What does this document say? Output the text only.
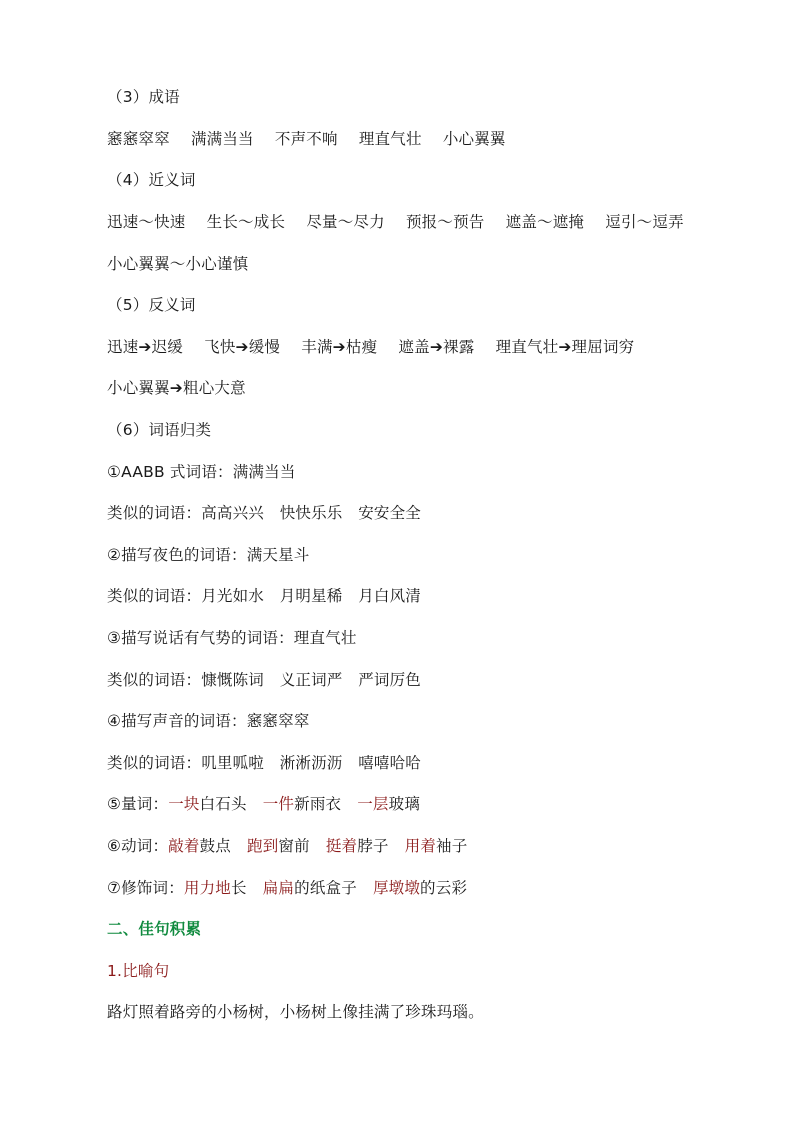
（3）成语
窸窸窣窣 满满当当 不声不响 理直气壮 小心翼翼
（4）近义词
迅速～快速 生长～成长 尽量～尽力 预报～预告 遮盖～遮掩 逗引～逗弄
小心翼翼～小心谨慎
（5）反义词
迅速➔迟缓 飞快➔缓慢 丰满➔枯瘦 遮盖➔裸露 理直气壮➔理屈词穷
小心翼翼➔粗心大意
（6）词语归类
①AABB 式词语：满满当当
类似的词语：高高兴兴　快快乐乐　安安全全
②描写夜色的词语：满天星斗
类似的词语：月光如水　月明星稀　月白风清
③描写说话有气势的词语：理直气壮
类似的词语：慷慨陈词　义正词严　严词厉色
④描写声音的词语：窸窸窣窣
类似的词语：叽里呱啦　淅淅沥沥　嘻嘻哈哈
⑤量词：一块白石头 一件新雨衣 一层玻璃
⑥动词：敲着鼓点 跑到窗前 挺着脖子 用着袖子
⑦修饰词：用力地长 扁扁的纸盒子 厚墩墩的云彩
二、佳句积累
1.比喻句
路灯照着路旁的小杨树，小杨树上像挂满了珍珠玛瑙。
